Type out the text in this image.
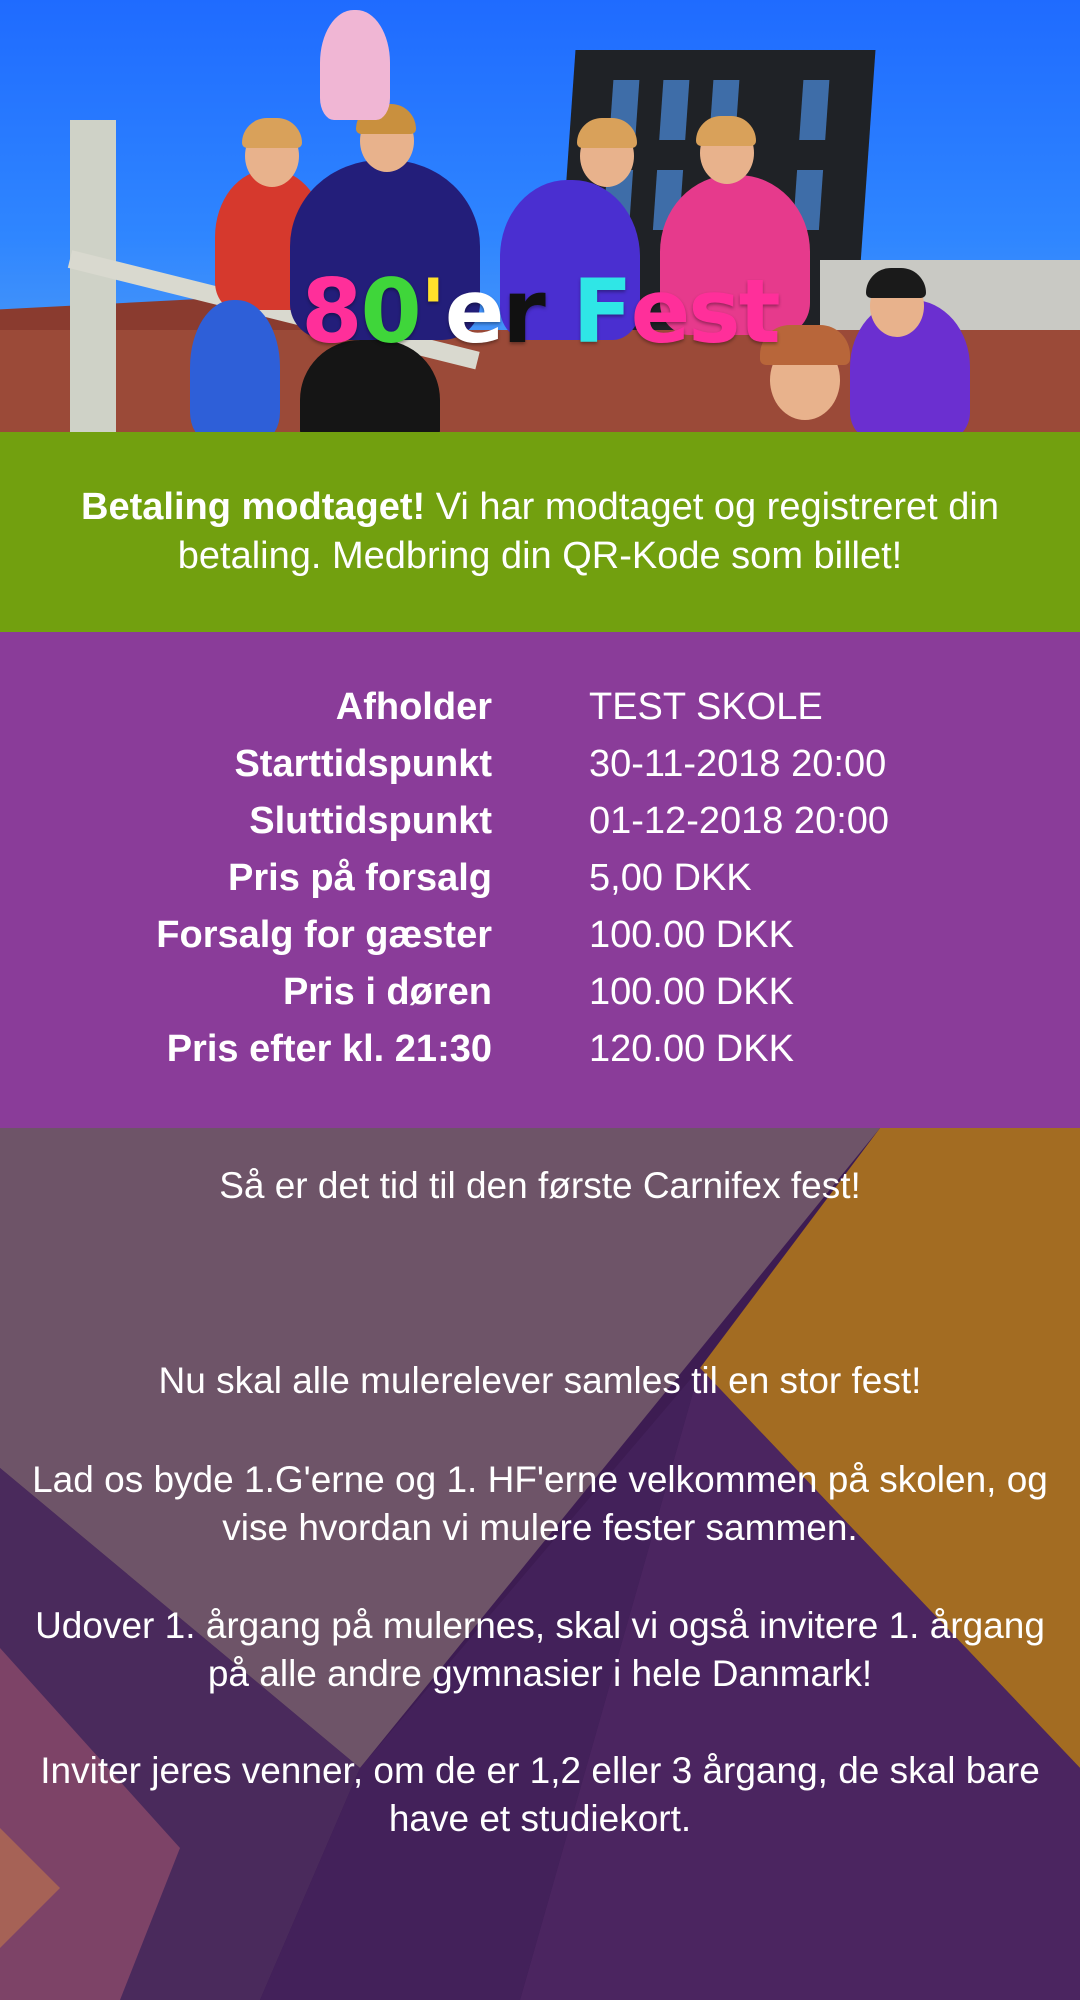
80'er Fest

Betaling modtaget! Vi har modtaget og registreret din betaling. Medbring din QR-Kode som billet!

Afholder	TEST SKOLE
Starttidspunkt	30-11-2018 20:00
Sluttidspunkt	01-12-2018 20:00
Pris på forsalg	5,00 DKK
Forsalg for gæster	100.00 DKK
Pris i døren	100.00 DKK
Pris efter kl. 21:30	120.00 DKK

Så er det tid til den første Carnifex fest!

Nu skal alle mulerelever samles til en stor fest!

Lad os byde 1.G'erne og 1. HF'erne velkommen på skolen, og vise hvordan vi mulere fester sammen.

Udover 1. årgang på mulernes, skal vi også invitere 1. årgang på alle andre gymnasier i hele Danmark!

Inviter jeres venner, om de er 1,2 eller 3 årgang, de skal bare have et studiekort.
